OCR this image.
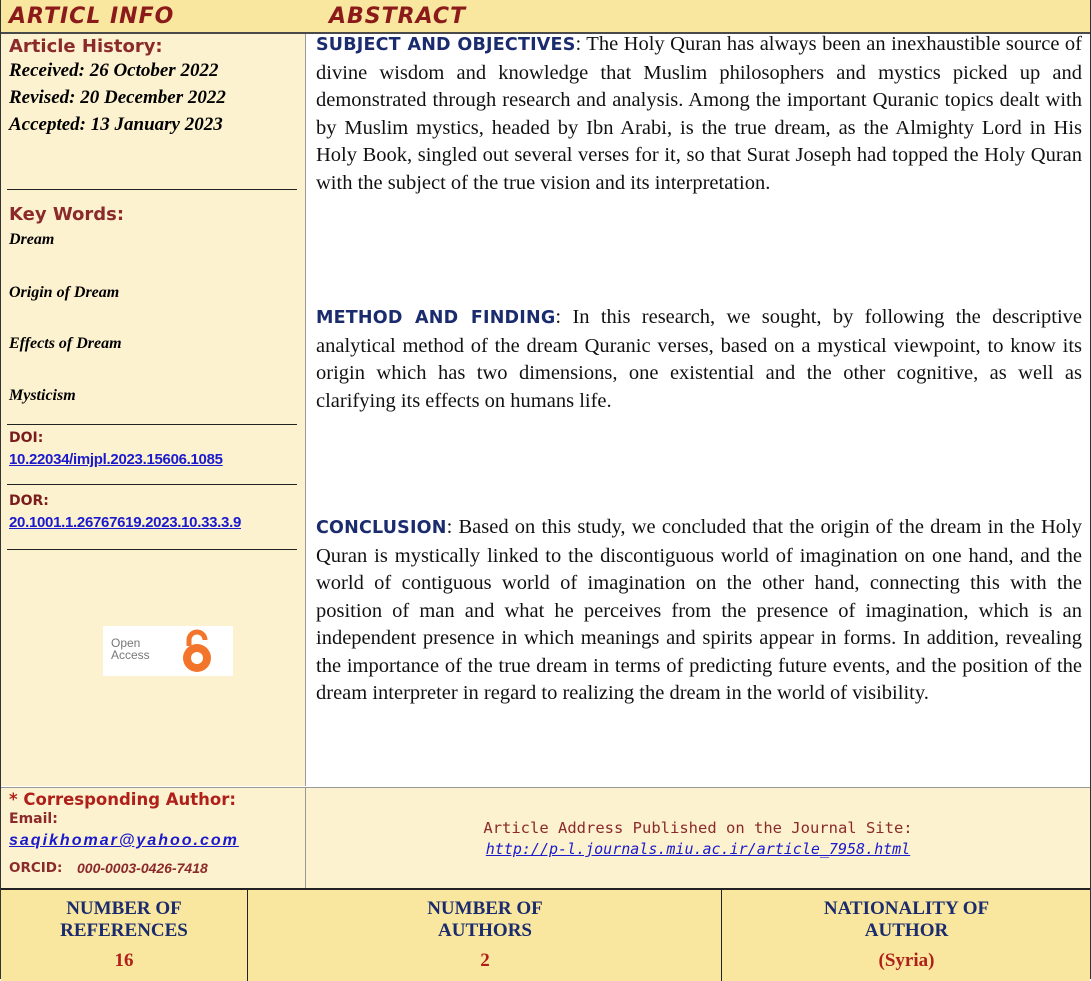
ARTICL INFO	ABSTRACT
Article History:
Received: 26 October 2022
Revised: 20 December 2022
Accepted: 13 January 2023
Key Words:
Dream
Origin of Dream
Effects of Dream
Mysticism
DOI:
10.22034/imjpl.2023.15606.1085
DOR:
20.1001.1.26767619.2023.10.33.3.9
Open
Access

SUBJECT AND OBJECTIVES: The Holy Quran has always been an inexhaustible source of divine wisdom and knowledge that Muslim philosophers and mystics picked up and demonstrated through research and analysis. Among the important Quranic topics dealt with by Muslim mystics, headed by Ibn Arabi, is the true dream, as the Almighty Lord in His Holy Book, singled out several verses for it, so that Surat Joseph had topped the Holy Quran with the subject of the true vision and its interpretation.

METHOD AND FINDING: In this research, we sought, by following the descriptive analytical method of the dream Quranic verses, based on a mystical viewpoint, to know its origin which has two dimensions, one existential and the other cognitive, as well as clarifying its effects on humans life.

CONCLUSION: Based on this study, we concluded that the origin of the dream in the Holy Quran is mystically linked to the discontiguous world of imagination on one hand, and the world of contiguous world of imagination on the other hand, connecting this with the position of man and what he perceives from the presence of imagination, which is an independent presence in which meanings and spirits appear in forms. In addition, revealing the importance of the true dream in terms of predicting future events, and the position of the dream interpreter in regard to realizing the dream in the world of visibility.

* Corresponding Author:
Email:
saqikhomar@yahoo.com
ORCID: 000-0003-0426-7418
Article Address Published on the Journal Site:
http://p-l.journals.miu.ac.ir/article_7958.html
NUMBER OF
REFERENCES
16
NUMBER OF
AUTHORS
2
NATIONALITY OF
AUTHOR
(Syria)
